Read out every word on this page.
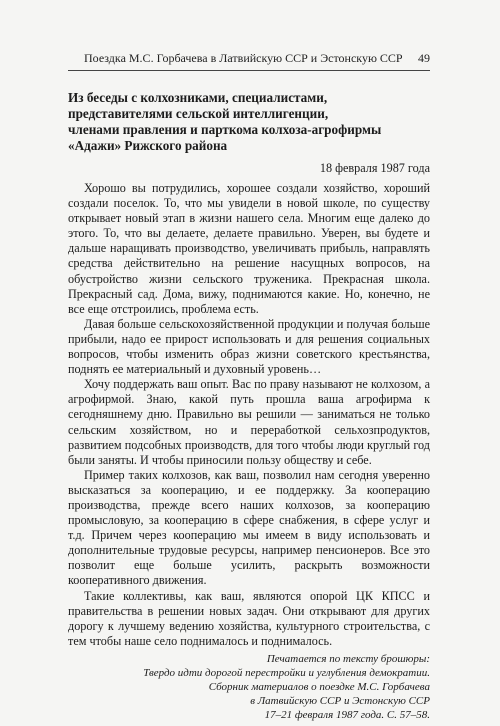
Поездка М.С. Горбачева в Латвийскую ССР и Эстонскую ССР 49
Из беседы с колхозниками, специалистами,
представителями сельской интеллигенции,
членами правления и парткома колхоза-агрофирмы
«Адажи» Рижского района
18 февраля 1987 года

Хорошо вы потрудились, хорошее создали хозяйство, хороший создали поселок. То, что мы увидели в новой школе, по существу открывает новый этап в жизни нашего села. Многим еще далеко до этого. То, что вы делаете, делаете правильно. Уверен, вы будете и дальше наращивать производство, увеличивать прибыль, направлять средства действительно на решение насущных вопросов, на обустройство жизни сельского труженика. Прекрасная школа. Прекрасный сад. Дома, вижу, поднимаются какие. Но, конечно, не все еще отстроились, проблема есть.

Давая больше сельскохозяйственной продукции и получая больше прибыли, надо ее прирост использовать и для решения социальных вопросов, чтобы изменить образ жизни советского крестьянства, поднять ее материальный и духовный уровень…

Хочу поддержать ваш опыт. Вас по праву называют не колхозом, а агрофирмой. Знаю, какой путь прошла ваша агрофирма к сегодняшнему дню. Правильно вы решили — заниматься не только сельским хозяйством, но и переработкой сельхозпродуктов, развитием подсобных производств, для того чтобы люди круглый год были заняты. И чтобы приносили пользу обществу и себе.

Пример таких колхозов, как ваш, позволил нам сегодня уверенно высказаться за кооперацию, и ее поддержку. За кооперацию производства, прежде всего наших колхозов, за кооперацию промысловую, за кооперацию в сфере снабжения, в сфере услуг и т.д. Причем через кооперацию мы имеем в виду использовать и дополнительные трудовые ресурсы, например пенсионеров. Все это позволит еще больше усилить, раскрыть возможности кооперативного движения.

Такие коллективы, как ваш, являются опорой ЦК КПСС и правительства в решении новых задач. Они открывают для других дорогу к лучшему ведению хозяйства, культурного строительства, с тем чтобы наше село поднималось и поднималось.

Печатается по тексту брошюры:
Твердо идти дорогой перестройки и углубления демократии.
Сборник материалов о поездке М.С. Горбачева
в Латвийскую ССР и Эстонскую ССР
17–21 февраля 1987 года. С. 57–58.
